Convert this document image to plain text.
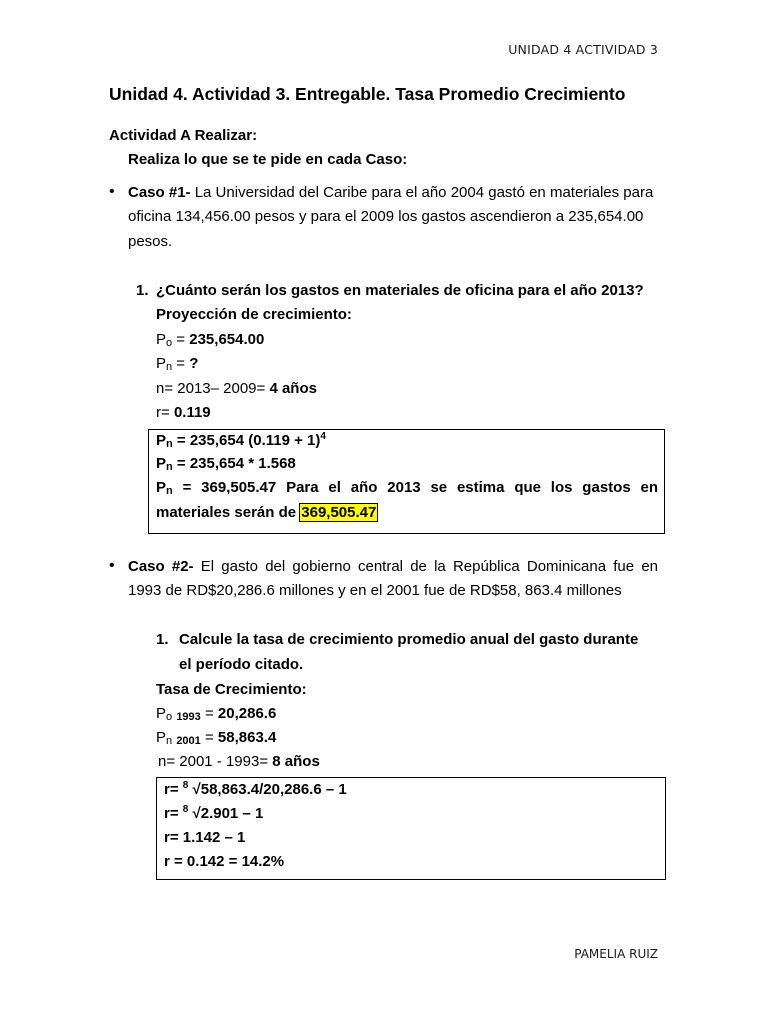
UNIDAD 4 ACTIVIDAD 3
Unidad 4. Actividad 3. Entregable. Tasa Promedio Crecimiento
Actividad A Realizar:
Realiza lo que se te pide en cada Caso:
• Caso #1- La Universidad del Caribe para el año 2004 gastó en materiales para
oficina 134,456.00 pesos y para el 2009 los gastos ascendieron a 235,654.00
pesos.
1. ¿Cuánto serán los gastos en materiales de oficina para el año 2013?
Proyección de crecimiento:
Po = 235,654.00
Pn = ?
n= 2013– 2009= 4 años
r= 0.119
Pn = 235,654 $(0.119 + 1)^4$
Pn = 235,654 * 1.568
Pn = 369,505.47 Para el año 2013 se estima que los gastos en
materiales serán de 369,505.47
• Caso #2- El gasto del gobierno central de la República Dominicana fue en
1993 de RD$20,286.6 millones y en el 2001 fue de RD$58, 863.4 millones
1. Calcule la tasa de crecimiento promedio anual del gasto durante
el período citado.
Tasa de Crecimiento:
Po 1993 = 20,286.6
Pn 2001 = 58,863.4
n= 2001 - 1993= 8 años
r= $^8$ √58,863.4/20,286.6 – 1
r= $^8$ √2.901 – 1
r= 1.142 – 1
r = 0.142 = 14.2%
PAMELIA RUIZ
